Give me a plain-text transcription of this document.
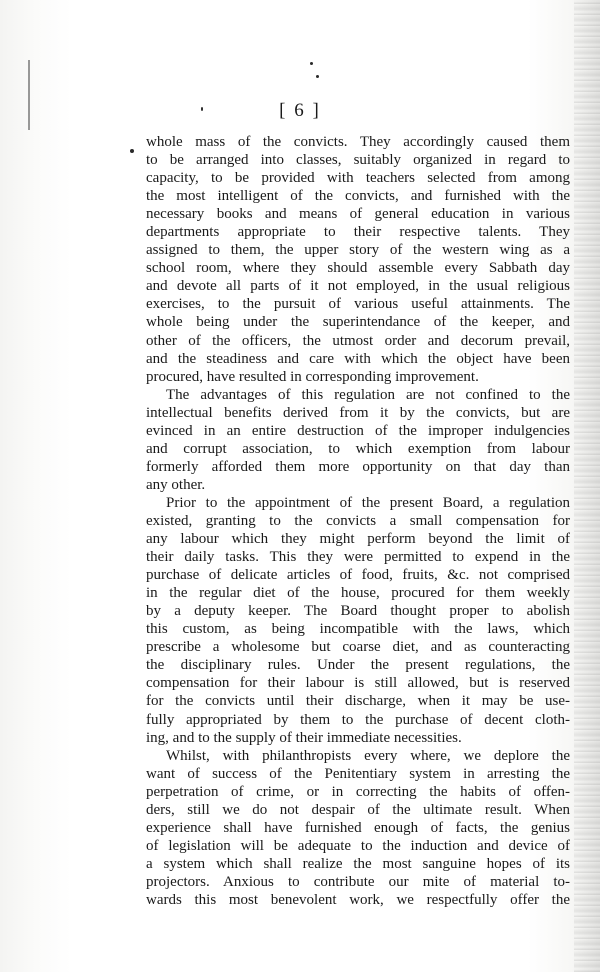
[ 6 ]
whole mass of the convicts. They accordingly caused them
to be arranged into classes, suitably organized in regard to
capacity, to be provided with teachers selected from among
the most intelligent of the convicts, and furnished with the
necessary books and means of general education in various
departments appropriate to their respective talents. They
assigned to them, the upper story of the western wing as a
school room, where they should assemble every Sabbath day
and devote all parts of it not employed, in the usual religious
exercises, to the pursuit of various useful attainments. The
whole being under the superintendance of the keeper, and
other of the officers, the utmost order and decorum prevail,
and the steadiness and care with which the object have been
procured, have resulted in corresponding improvement.
The advantages of this regulation are not confined to the
intellectual benefits derived from it by the convicts, but are
evinced in an entire destruction of the improper indulgencies
and corrupt association, to which exemption from labour
formerly afforded them more opportunity on that day than
any other.
Prior to the appointment of the present Board, a regulation
existed, granting to the convicts a small compensation for
any labour which they might perform beyond the limit of
their daily tasks. This they were permitted to expend in the
purchase of delicate articles of food, fruits, &c. not comprised
in the regular diet of the house, procured for them weekly
by a deputy keeper. The Board thought proper to abolish
this custom, as being incompatible with the laws, which
prescribe a wholesome but coarse diet, and as counteracting
the disciplinary rules. Under the present regulations, the
compensation for their labour is still allowed, but is reserved
for the convicts until their discharge, when it may be use-
fully appropriated by them to the purchase of decent cloth-
ing, and to the supply of their immediate necessities.
Whilst, with philanthropists every where, we deplore the
want of success of the Penitentiary system in arresting the
perpetration of crime, or in correcting the habits of offen-
ders, still we do not despair of the ultimate result. When
experience shall have furnished enough of facts, the genius
of legislation will be adequate to the induction and device of
a system which shall realize the most sanguine hopes of its
projectors. Anxious to contribute our mite of material to-
wards this most benevolent work, we respectfully offer the
